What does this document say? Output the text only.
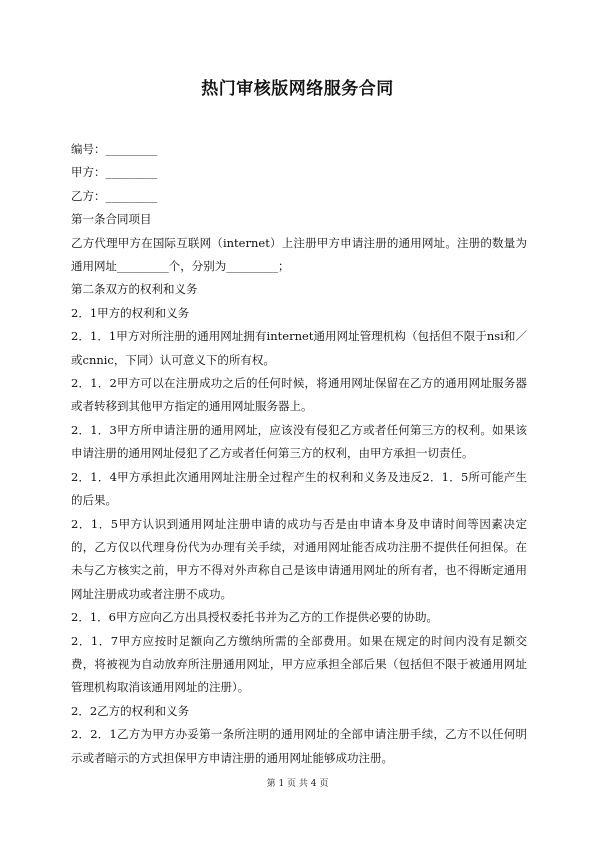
热门审核版网络服务合同

编号：_________

甲方：_________

乙方：_________

第一条合同项目

乙方代理甲方在国际互联网（internet）上注册甲方申请注册的通用网址。注册的数量为通用网址_________个，分别为_________；

第二条双方的权利和义务

2．1甲方的权利和义务

2．1．1甲方对所注册的通用网址拥有internet通用网址管理机构（包括但不限于nsi和／或cnnic，下同）认可意义下的所有权。

2．1．2甲方可以在注册成功之后的任何时候，将通用网址保留在乙方的通用网址服务器或者转移到其他甲方指定的通用网址服务器上。

2．1．3甲方所申请注册的通用网址，应该没有侵犯乙方或者任何第三方的权利。如果该申请注册的通用网址侵犯了乙方或者任何第三方的权利，由甲方承担一切责任。

2．1．4甲方承担此次通用网址注册全过程产生的权利和义务及违反2．1．5所可能产生的后果。

2．1．5甲方认识到通用网址注册申请的成功与否是由申请本身及申请时间等因素决定的，乙方仅以代理身份代为办理有关手续，对通用网址能否成功注册不提供任何担保。在未与乙方核实之前，甲方不得对外声称自己是该申请通用网址的所有者，也不得断定通用网址注册成功或者注册不成功。

2．1．6甲方应向乙方出具授权委托书并为乙方的工作提供必要的协助。

2．1．7甲方应按时足额向乙方缴纳所需的全部费用。如果在规定的时间内没有足额交费，将被视为自动放弃所注册通用网址，甲方应承担全部后果（包括但不限于被通用网址管理机构取消该通用网址的注册）。

2．2乙方的权利和义务

2．2．1乙方为甲方办妥第一条所注明的通用网址的全部申请注册手续，乙方不以任何明示或者暗示的方式担保甲方申请注册的通用网址能够成功注册。

第 1 页 共 4 页
